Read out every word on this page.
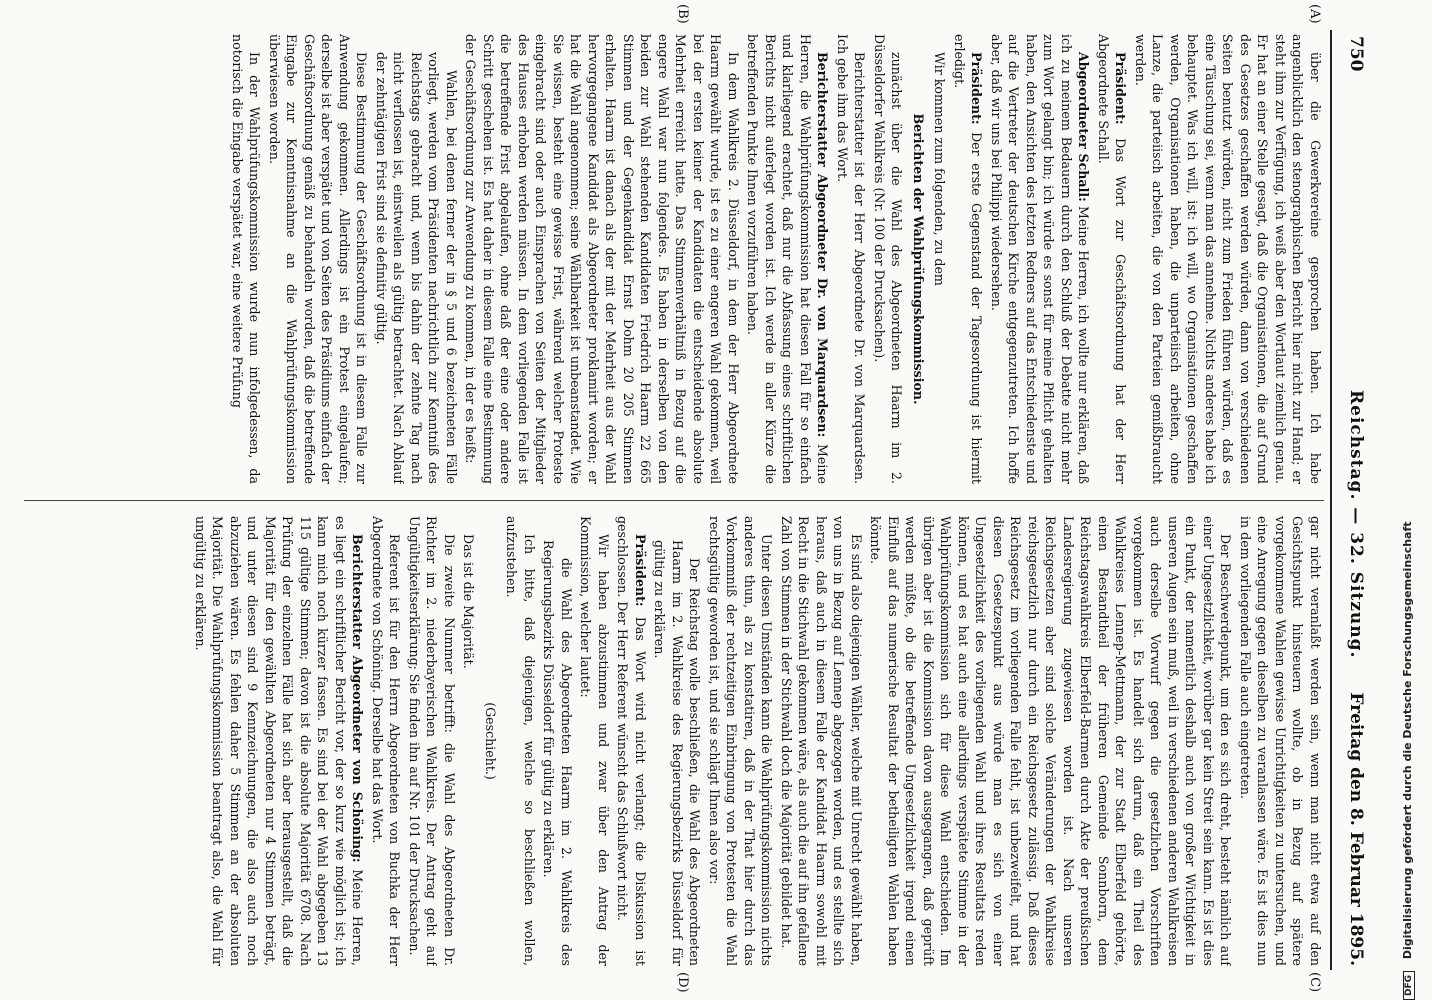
750
Reichstag. — 32. Sitzung.
Freitag den 8. Februar 1895.
(A)
(B)
(C)
(D)

über die Gewerkvereine gesprochen haben. Ich habe angenblicklich den stenographischen Bericht hier nicht zur Hand; er steht ihm zur Verfügung, ich weiß aber den Wortlaut ziemlich genau. Er hat an einer Stelle gesagt, daß die Organisationen, die auf Grund des Gesetzes geschaffen werden würden, dann von verschiedenen Seiten benutzt würden, nicht zum Frieden führen würden, daß es eine Täuschung sei, wenn man das annehme. Nichts anderes habe ich behauptet. Was ich will, ist: ich will, wo Organisationen geschaffen werden, Organisationen haben, die unparteiisch arbeiten, ohne Lanze, die parteiisch arbeiten, die von den Parteien gemißbraucht werden.

Präsident: Das Wort zur Geschäftsordnung hat der Herr Abgeordnete Schall.

Abgeordneter Schall: Meine Herren, ich wollte nur erklären, daß ich zu meinem Bedauern durch den Schluß der Debatte nicht mehr zum Wort gelangt bin; ich würde es sonst für meine Pflicht gehalten haben, den Ansichten des letzten Redners auf das Entschiedenste und auf die Vertreter der deutschen Kirche entgegenzutreten. Ich hoffe aber, daß wir uns bei Philippi wiedersehen.

Präsident: Der erste Gegenstand der Tagesordnung ist hiermit erledigt.

Wir kommen zum folgenden, zu dem

Berichten der Wahlprüfungskommission.

zunächst über die Wahl des Abgeordneten Haarm im 2. Düsseldorfer Wahlkreis (Nr. 100 der Drucksachen).

Berichterstatter ist der Herr Abgeordnete Dr. von Marquardsen. Ich gebe ihm das Wort.

Berichterstatter Abgeordneter Dr. von Marquardsen: Meine Herren, die Wahlprüfungskommission hat diesen Fall für so einfach und klarliegend erachtet, daß nur die Abfassung eines schriftlichen Berichts nicht auferlegt worden ist. Ich werde in aller Kürze die betreffenden Punkte Ihnen vorzuführen haben.

In dem Wahlkreis 2. Düsseldorf, in dem der Herr Abgeordnete Haarm gewählt wurde, ist es zu einer engeren Wahl gekommen, weil bei der ersten keiner der Kandidaten die entscheidende absolute Mehrheit erreicht hatte. Das Stimmenverhältniß in Bezug auf die engere Wahl war nun folgendes. Es haben in derselben von den beiden zur Wahl stehenden Kandidaten Friedrich Haarm 22 665 Stimmen und der Gegenkandidat Ernst Dohm 20 205 Stimmen erhalten. Haarm ist danach als der mit der Mehrheit aus der Wahl hervorgegangene Kandidat als Abgeordneter proklamirt worden; er hat die Wahl angenommen; seine Wählbarkeit ist unbeanstandet. Wie Sie wissen, besteht eine gewisse Frist, während welcher Proteste eingebracht sind oder auch Einsprachen von Seiten der Mitglieder des Hauses erhoben werden müssen. In dem vorliegenden Falle ist die betreffende Frist abgelaufen, ohne daß der eine oder andere Schritt geschehen ist. Es hat daher in diesem Falle eine Bestimmung der Geschäftsordnung zur Anwendung zu kommen, in der es heißt:

Wahlen, bei denen ferner der in § 5 und 6 bezeichneten Fälle vorliegt, werden vom Präsidenten nachrichtlich zur Kenntniß des Reichstags gebracht und, wenn bis dahin der zehnte Tag nach nicht verflossen ist, einstweilen als gültig betrachtet. Nach Ablauf der zehntägigen Frist sind sie definitiv gültig.

Diese Bestimmung der Geschäftsordnung ist in diesem Falle zur Anwendung gekommen. Allerdings ist ein Protest eingelaufen; derselbe ist aber verspätet und von Seiten des Präsidiums einfach der Geschäftsordnung gemäß zu behandeln worden, daß die betreffende Eingabe zur Kenntnisnahme an die Wahlprüfungskommission überwiesen worden.

In der Wahlprüfungskommission wurde nun infolgedessen, da notorisch die Eingabe verspätet war, eine weitere Prüfung

gar nicht veranlaßt werden sein, wenn man nicht etwa auf den Gesichtspunkt hinsteuern wollte, ob in Bezug auf spätere vorgekommene Wahlen gewisse Unrichtigkeiten zu untersuchen, und eine Anregung gegen dieselben zu veranlassen wäre. Es ist dies nun in dem vorliegenden Falle auch eingetreten.

Der Beschwerdepunkt, um den es sich dreht, besteht nämlich auf einer Ungesetzlichkeit, worüber gar kein Streit sein kann. Es ist dies ein Punkt, der namentlich deshalb auch von großer Wichtigkeit in unseren Augen sein muß, weil in verschiedenen anderen Wahlkreisen auch derselbe Vorwurf gegen die gesetzlichen Vorschriften vorgekommen ist. Es handelt sich darum, daß ein Theil des Wahlkreises Lennep-Mettmann, der zur Stadt Elberfeld gehörte, einen Bestandtheil der früheren Gemeinde Sonnborn, dem Reichstagswahlkreis Elberfeld-Barmen durch Akte der preußischen Landesregierung zugewiesen worden ist. Nach unseren Reichsgesetzen aber sind solche Veränderungen der Wahlkreise reichsgesetzlich nur durch ein Reichsgesetz zulässig. Daß dieses Reichsgesetz im vorliegenden Falle fehlt, ist unbezweifelt, und hat diesen Gesetzespunkt aus würde man es sich von einer Ungesetzlichkeit des vorliegenden Wahl und ihres Resultats reden können, und es hat auch eine allerdings verspätete Stimme in der Wahlprüfungskommission sich für diese Wahl entschieden. Im übrigen aber ist die Kommission davon ausgegangen, daß geprüft werden müßte, ob die betreffende Ungesetzlichkeit irgend einen Einfluß auf das numerische Resultat der betheiligten Wahlen haben könnte.

Es sind also diejenigen Wähler, welche mit Unrecht gewählt haben, von uns in Bezug auf Lennep abgezogen worden, und es stellte sich heraus, daß auch in diesem Falle der Kandidat Haarm sowohl mit Recht in die Stichwahl gekommen wäre, als auch die auf ihn gefallene Zahl von Stimmen in der Stichwahl doch die Majorität gebildet hat.

Unter diesen Umständen kann die Wahlprüfungskommission nichts anderes thun, als zu konstatiren, daß in der That hier durch das Vorkommniß der rechtzeitigen Einbringung von Protesten die Wahl rechtsgültig geworden ist, und sie schlägt Ihnen also vor:

Der Reichstag wolle beschließen, die Wahl des Abgeordneten Haarm im 2. Wahlkreise des Regierungsbezirks Düsseldorf für gültig zu erklären.

Präsident: Das Wort wird nicht verlangt; die Diskussion ist geschlossen. Der Herr Referent wünscht das Schlußwort nicht.

Wir haben abzustimmen und zwar über den Antrag der Kommission, welcher lautet:

die Wahl des Abgeordneten Haarm im 2. Wahlkreis des Regierungsbezirks Düsseldorf für gültig zu erklären.

Ich bitte, daß diejenigen, welche so beschließen wollen, aufzustehen.

(Geschieht.)

Das ist die Majorität.

Die zweite Nummer betrifft: die Wahl des Abgeordneten Dr. Richter im 2. niederbayerischen Wahlkreis. Der Antrag geht auf Ungültigkeitserklärung; Sie finden ihn auf Nr. 101 der Drucksachen.

Referent ist für den Herrn Abgeordneten von Buchka der Herr Abgeordnete von Schöning. Derselbe hat das Wort.

Berichterstatter Abgeordneter von Schöning: Meine Herren, es liegt ein schriftlicher Bericht vor, der so kurz wie möglich ist; ich kann mich noch kürzer fassen. Es sind bei der Wahl abgegeben 13 115 gültige Stimmen; davon ist die absolute Majorität 6708. Nach Prüfung der einzelnen Fälle hat sich aber herausgestellt, daß die Majorität für den gewählten Abgeordneten nur 4 Stimmen beträgt, und unter diesen sind 9 Kennzeichnungen, die also auch noch abzuziehen wären. Es fehlen daher 5 Stimmen an der absoluten Majorität. Die Wahlprüfungskommission beantragt also, die Wahl für ungültig zu erklären.

DFG Digitalisierung gefördert durch die Deutsche Forschungsgemeinschaft
